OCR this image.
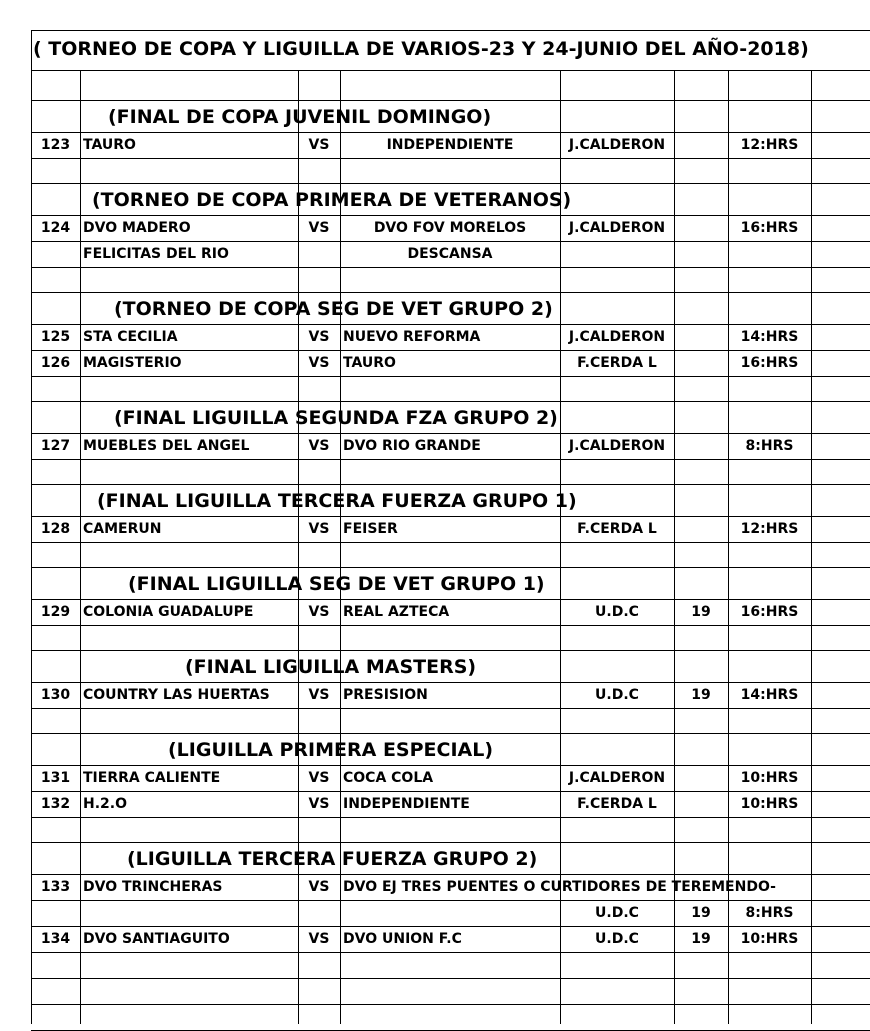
( TORNEO DE COPA Y LIGUILLA DE VARIOS-23 Y 24-JUNIO DEL AÑO-2018)
(FINAL DE COPA JUVENIL DOMINGO)
123 TAURO	VS	INDEPENDIENTE	J.CALDERON	12:HRS
(TORNEO DE COPA PRIMERA DE VETERANOS)
124 DVO MADERO	VS	DVO FOV MORELOS	J.CALDERON	16:HRS
FELICITAS DEL RIO	DESCANSA
(TORNEO DE COPA SEG DE VET GRUPO 2)
125 STA CECILIA	VS NUEVO REFORMA	J.CALDERON	14:HRS
126 MAGISTERIO	VS TAURO	F.CERDA L	16:HRS
(FINAL LIGUILLA SEGUNDA FZA GRUPO 2)
127 MUEBLES DEL ANGEL	VS DVO RIO GRANDE	J.CALDERON	8:HRS
(FINAL LIGUILLA TERCERA FUERZA GRUPO 1)
128 CAMERUN	VS FEISER	F.CERDA L	12:HRS
(FINAL LIGUILLA SEG DE VET GRUPO 1)
129 COLONIA GUADALUPE	VS REAL AZTECA	U.D.C	19	16:HRS
(FINAL LIGUILLA MASTERS)
130 COUNTRY LAS HUERTAS	VS PRESISION	U.D.C	19	14:HRS
(LIGUILLA PRIMERA ESPECIAL)
131 TIERRA CALIENTE	VS COCA COLA	J.CALDERON	10:HRS
132 H.2.O	VS INDEPENDIENTE	F.CERDA L	10:HRS
(LIGUILLA TERCERA FUERZA GRUPO 2)
133 DVO TRINCHERAS	VS DVO EJ TRES PUENTES O CURTIDORES DE TEREMENDO-
U.D.C	19	8:HRS
134 DVO SANTIAGUITO	VS DVO UNION F.C	U.D.C	19	10:HRS
